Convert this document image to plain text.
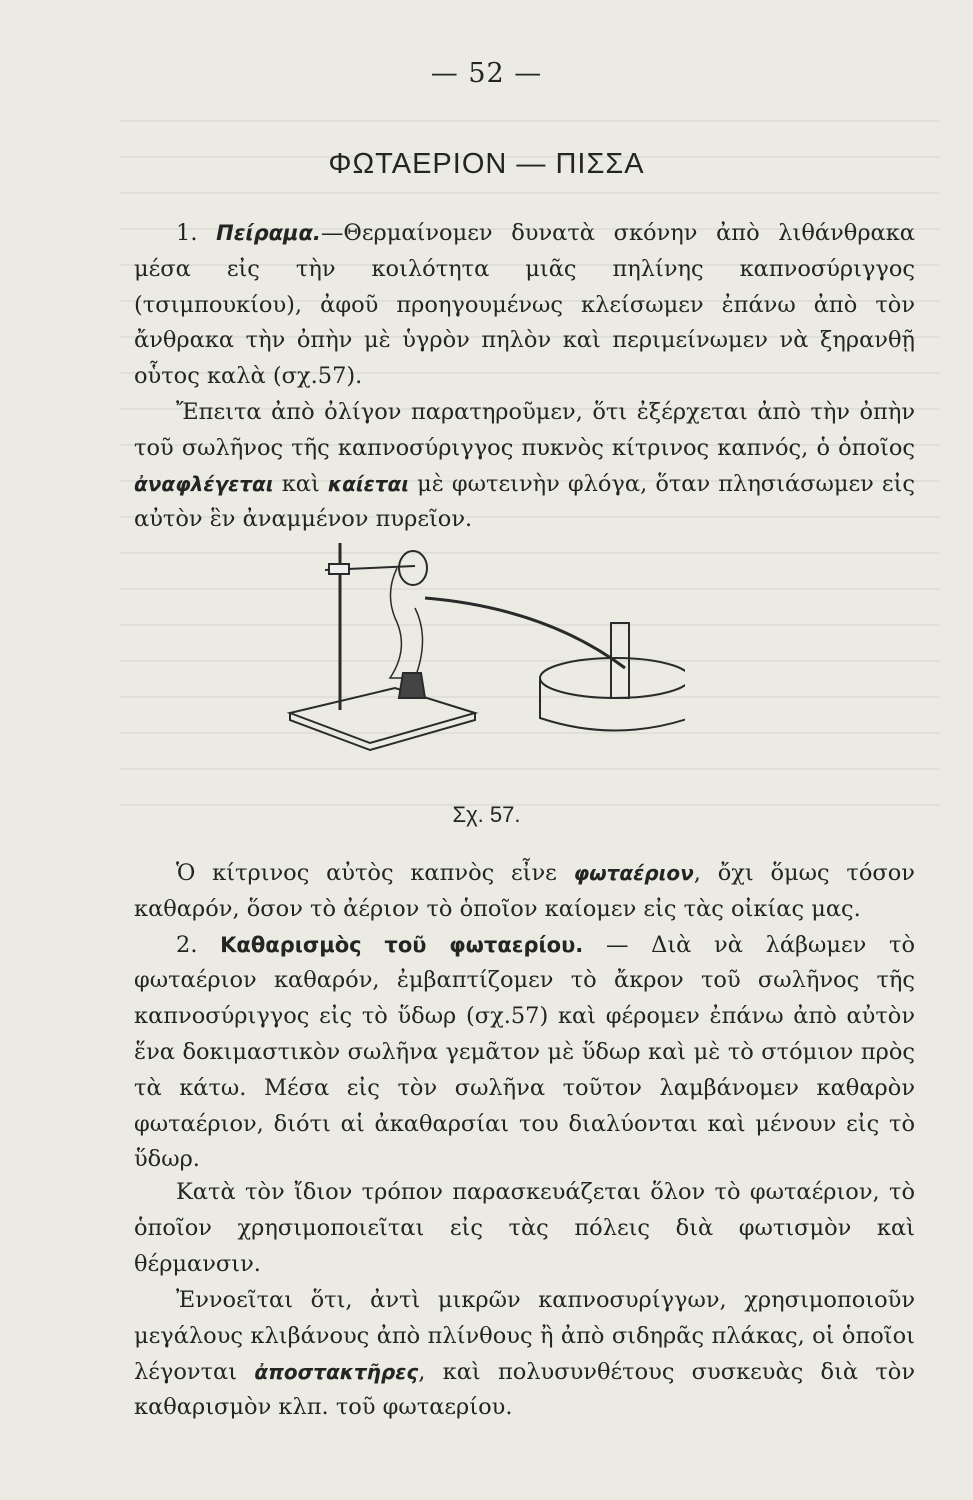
— 52 —
ΦΩΤΑΕΡΙΟΝ — ΠΙΣΣΑ

1. Πείραμα.—Θερμαίνομεν δυνατὰ σκόνην ἀπὸ λιθάνθρακα μέσα εἰς τὴν κοιλότητα μιᾶς πηλίνης καπνοσύριγγος (τσιμπουκίου), ἀφοῦ προηγουμένως κλείσωμεν ἐπάνω ἀπὸ τὸν ἄνθρακα τὴν ὀπὴν μὲ ὑγρὸν πηλὸν καὶ περιμείνωμεν νὰ ξηρανθῇ οὗτος καλὰ (σχ.57).
Ἔπειτα ἀπὸ ὀλίγον παρατηροῦμεν, ὅτι ἐξέρχεται ἀπὸ τὴν ὀπὴν τοῦ σωλῆνος τῆς καπνοσύριγγος πυκνὸς κίτρινος καπνός, ὁ ὁποῖος ἀναφλέγεται καὶ καίεται μὲ φωτεινὴν φλόγα, ὅταν πλησιάσωμεν εἰς αὐτὸν ἓν ἀναμμένον πυρεῖον.

Σχ. 57.

Ὁ κίτρινος αὐτὸς καπνὸς εἶνε φωταέριον, ὄχι ὅμως τόσον καθαρόν, ὅσον τὸ ἀέριον τὸ ὁποῖον καίομεν εἰς τὰς οἰκίας μας.
2. Καθαρισμὸς τοῦ φωταερίου. — Διὰ νὰ λάβωμεν τὸ φωταέριον καθαρόν, ἐμβαπτίζομεν τὸ ἄκρον τοῦ σωλῆνος τῆς καπνοσύριγγος εἰς τὸ ὕδωρ (σχ.57) καὶ φέρομεν ἐπάνω ἀπὸ αὐτὸν ἕνα δοκιμαστικὸν σωλῆνα γεμᾶτον μὲ ὕδωρ καὶ μὲ τὸ στόμιον πρὸς τὰ κάτω. Μέσα εἰς τὸν σωλῆνα τοῦτον λαμβάνομεν καθαρὸν φωταέριον, διότι αἱ ἀκαθαρσίαι του διαλύονται καὶ μένουν εἰς τὸ ὕδωρ.

Κατὰ τὸν ἴδιον τρόπον παρασκευάζεται ὅλον τὸ φωταέριον, τὸ ὁποῖον χρησιμοποιεῖται εἰς τὰς πόλεις διὰ φωτισμὸν καὶ θέρμανσιν.

Ἐννοεῖται ὅτι, ἀντὶ μικρῶν καπνοσυρίγγων, χρησιμοποιοῦν μεγάλους κλιβάνους ἀπὸ πλίνθους ἢ ἀπὸ σιδηρᾶς πλάκας, οἱ ὁποῖοι λέγονται ἀποστακτῆρες, καὶ πολυσυνθέτους συσκευὰς διὰ τὸν καθαρισμὸν κλπ. τοῦ φωταερίου.
